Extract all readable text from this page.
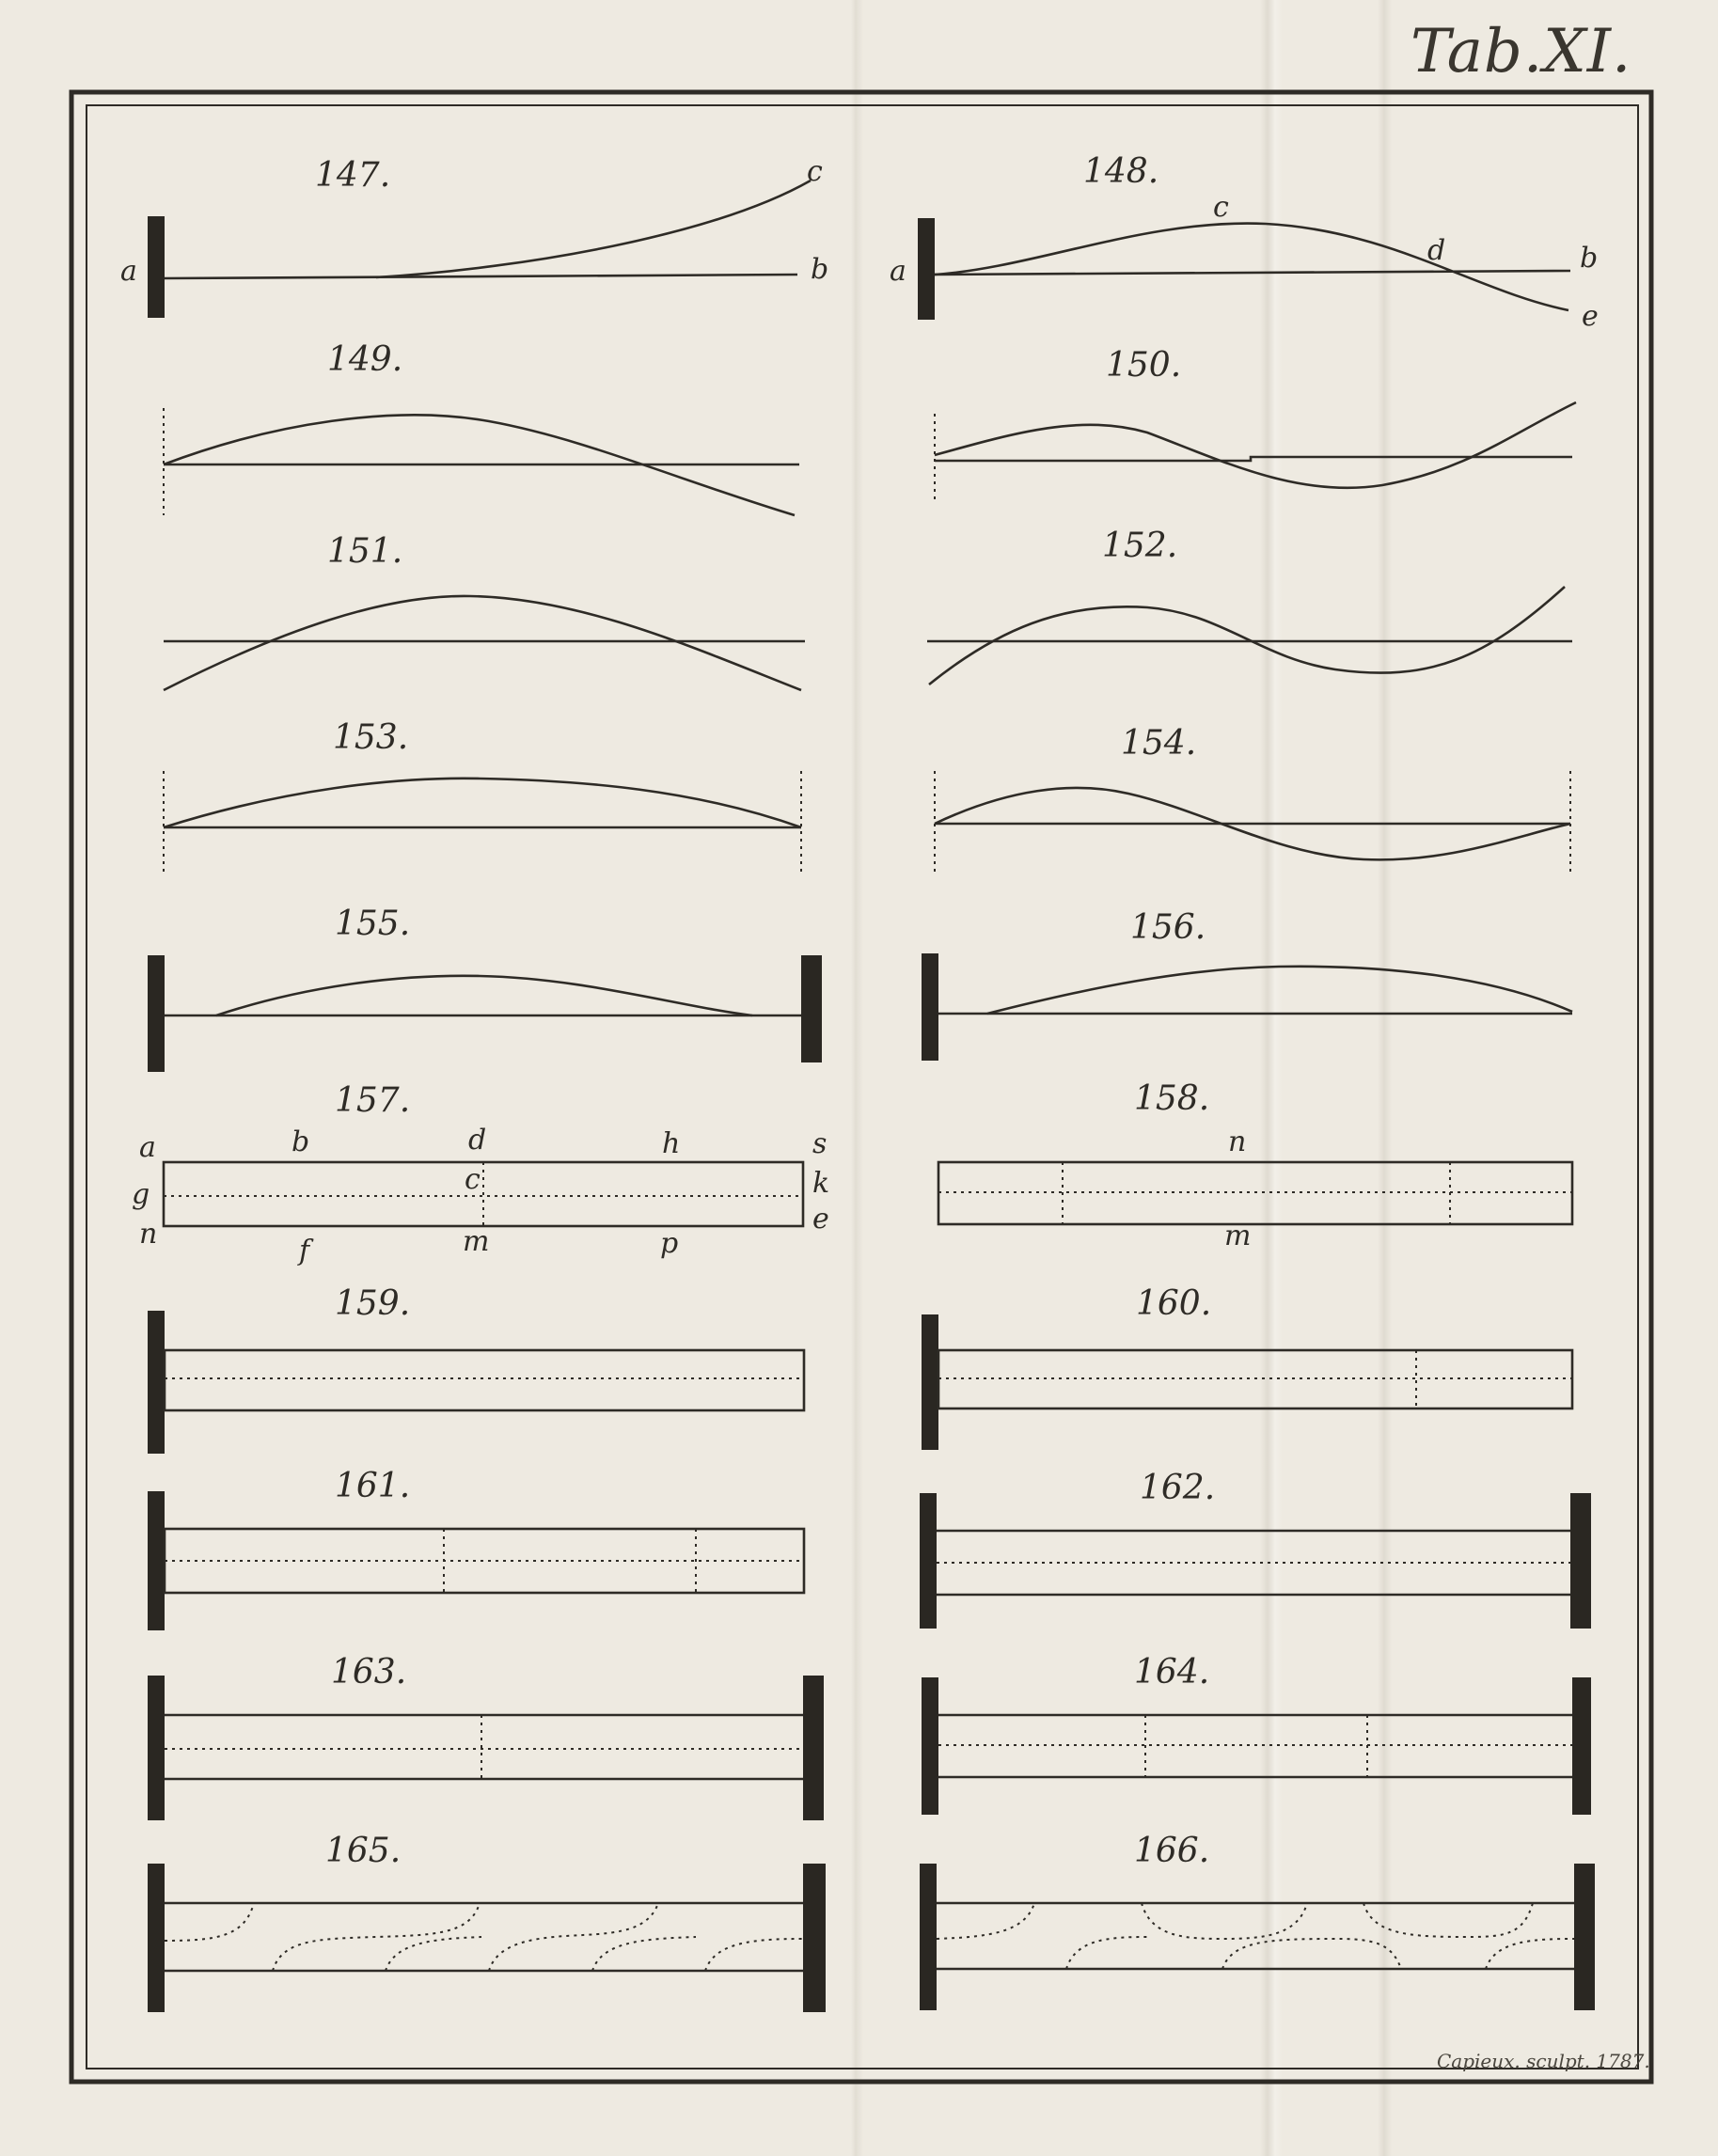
Tab.XI.
147.
a	b
c	148.
a
c
d	b
e
149.	150.
151.	152.
153.	154.
155.	156.
157.
a	b	d	h	s
g	c	k
n
f	m	p
e
158.
n
m
159.	160.
161.	162.
163.	164.
165.	166.
Capieux. sculpt. 1787.
